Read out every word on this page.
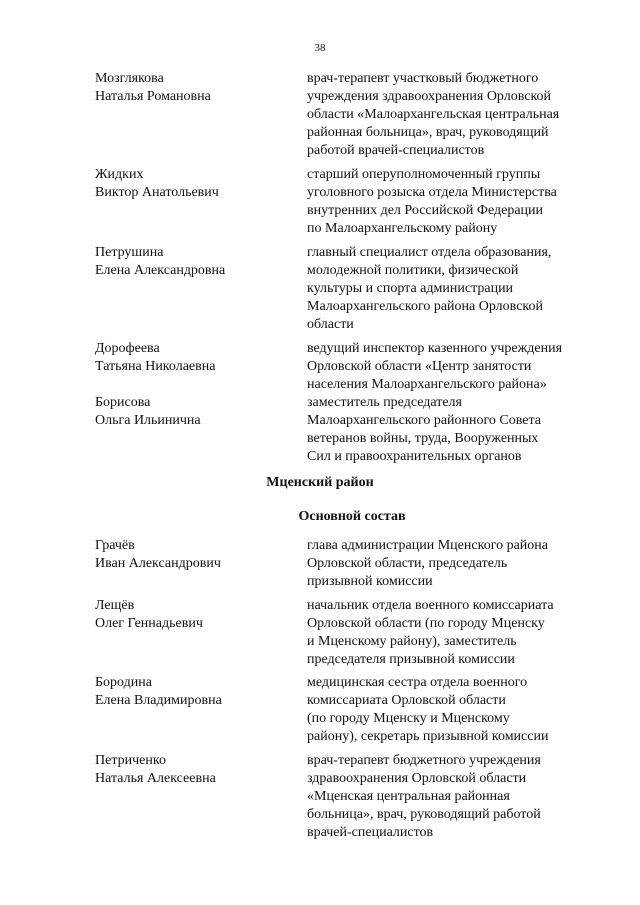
38
Мозглякова
Наталья Романовна
врач-терапевт участковый бюджетного
учреждения здравоохранения Орловской
области «Малоархангельская центральная
районная больница», врач, руководящий
работой врачей-специалистов
Жидких
Виктор Анатольевич
старший оперуполномоченный группы
уголовного розыска отдела Министерства
внутренних дел Российской Федерации
по Малоархангельскому району
Петрушина
Елена Александровна
главный специалист отдела образования,
молодежной политики, физической
культуры и спорта администрации
Малоархангельского района Орловской
области
Дорофеева
Татьяна Николаевна
ведущий инспектор казенного учреждения
Орловской области «Центр занятости
населения Малоархангельского района»
Борисова
Ольга Ильинична
заместитель председателя
Малоархангельского районного Совета
ветеранов войны, труда, Вооруженных
Сил и правоохранительных органов
Мценский район
Основной состав
Грачёв
Иван Александрович
глава администрации Мценского района
Орловской области, председатель
призывной комиссии
Лещёв
Олег Геннадьевич
начальник отдела военного комиссариата
Орловской области (по городу Мценску
и Мценскому району), заместитель
председателя призывной комиссии
Бородина
Елена Владимировна
медицинская сестра отдела военного
комиссариата Орловской области
(по городу Мценску и Мценскому
району), секретарь призывной комиссии
Петриченко
Наталья Алексеевна
врач-терапевт бюджетного учреждения
здравоохранения Орловской области
«Мценская центральная районная
больница», врач, руководящий работой
врачей-специалистов
